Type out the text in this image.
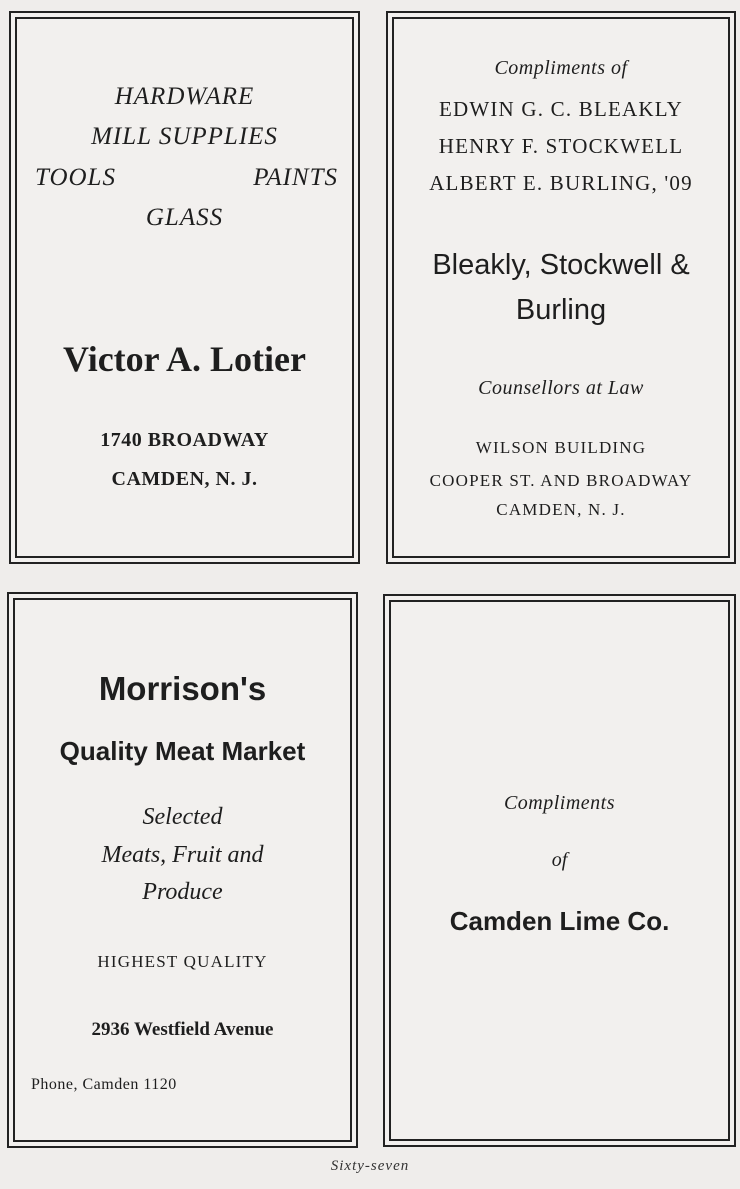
HARDWARE
MILL SUPPLIES
TOOLS	PAINTS
GLASS
Victor A. Lotier
1740 BROADWAY
CAMDEN, N. J.
Compliments of
EDWIN G. C. BLEAKLY
HENRY F. STOCKWELL
ALBERT E. BURLING, '09
Bleakly, Stockwell &
Burling
Counsellors at Law
WILSON BUILDING
COOPER ST. AND BROADWAY
CAMDEN, N. J.
Morrison's
Quality Meat Market
Selected
Meats, Fruit and
Produce
HIGHEST QUALITY
2936 Westfield Avenue
Phone, Camden 1120
Compliments
of
Camden Lime Co.
Sixty-seven
